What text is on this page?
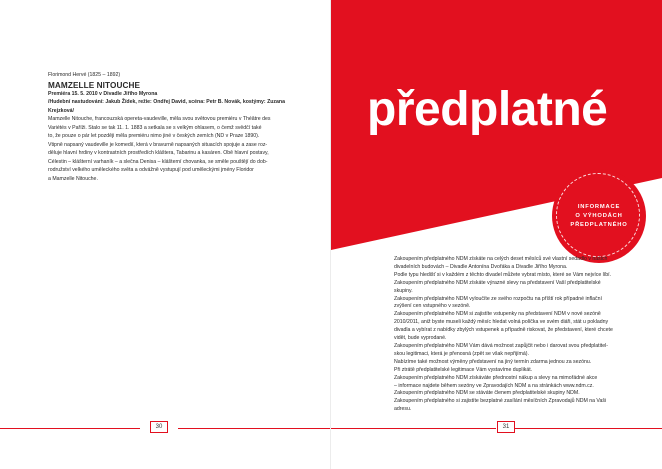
Florimond Hervé (1825 – 1892)
MAMZELLE NITOUCHE
Premiéra 15. 5. 2010 v Divadle Jiřího Myrona
/Hudební nastudování: Jakub Žídek, režie: Ondřej David, scéna: Petr B. Novák, kostýmy: Zuzana Krejzková/

Mamzelle Nitouche, francouzská opereta-vaudeville, měla svou světovou premiéru v Théâtre des

Variétés v Paříži. Stalo se tak 11. 1. 1883 a setkala se s velkým ohlasem, o čemž svědčí také

to, že pouze o pár let později měla premiéru nimo jiné v českých zemích (ND v Praze 1890).

Vtipně napsaný vaudeville je komedií, která v bravurně napsaných situacích spojuje a zase roz-

děluje hlavní hrdiny v kontrastních prostředích kláštera, Tabarinu a kasáren. Obě hlavní postavy,

Célestin – klášterní varhaník – a slečna Denisa – klášterní chovanka, se směle pouštějí do dob-

rodružství velkého uměleckého světa a odvážně vystupují pod uměleckými jmény Floridor

a Mamzelle Nitouche.

30
předplatné
INFORMACE
O VÝHODÁCH
PŘEDPLATNÉHO

Zakoupením předplatného NDM získáte na celých deset měsíců své vlastní sedadlo v našich

divadelních budovách – Divadle Antonína Dvořáka a Divadle Jiřího Myrona.

Podle typu hledišť si v každém z těchto divadel můžete vybrat místo, které se Vám nejvíce líbí.

Zakoupením předplatného NDM získáte výrazné slevy na představení Vaší předplatitelské

skupiny.

Zakoupením předplatného NDM vyloučíte ze svého rozpočtu na příští rok případné inflační

zvýšení cen vstupného v sezóně.

Zakoupením předplatného NDM si zajistíte vstupenky na představení NDM v nové sezóně

2010/2011, aniž byste museli každý měsíc hledat volná políčka ve svém diáři, stát u pokladny

divadla a vybírat z nabídky zbylých vstupenek a případně riskovat, že představení, které chcete

vidět, bude vyprodané.

Zakoupením předplatného NDM Vám dává možnost zapůjčit nebo i darovat svou předplatitel-

skou legitimaci, která je přenosná (zpět se však nepřijímá).

Nabízíme také možnost výměny představení na jiný termín zdarma jednou za sezónu.

Při ztrátě předplatitelské legitimace Vám vystavíme duplikát.

Zakoupením předplatného NDM získáváte přednostní nákup a slevy na mimořádné akce

– informace najdete během sezóny ve Zpravodajích NDM a na stránkách www.ndm.cz.

Zakoupením předplatného NDM se stáváte členem předplatitelské skupiny NDM.

Zakoupením předplatného si zajistíte bezplatné zasílání měsíčních Zpravodajů NDM na Vaši

adresu.

31
